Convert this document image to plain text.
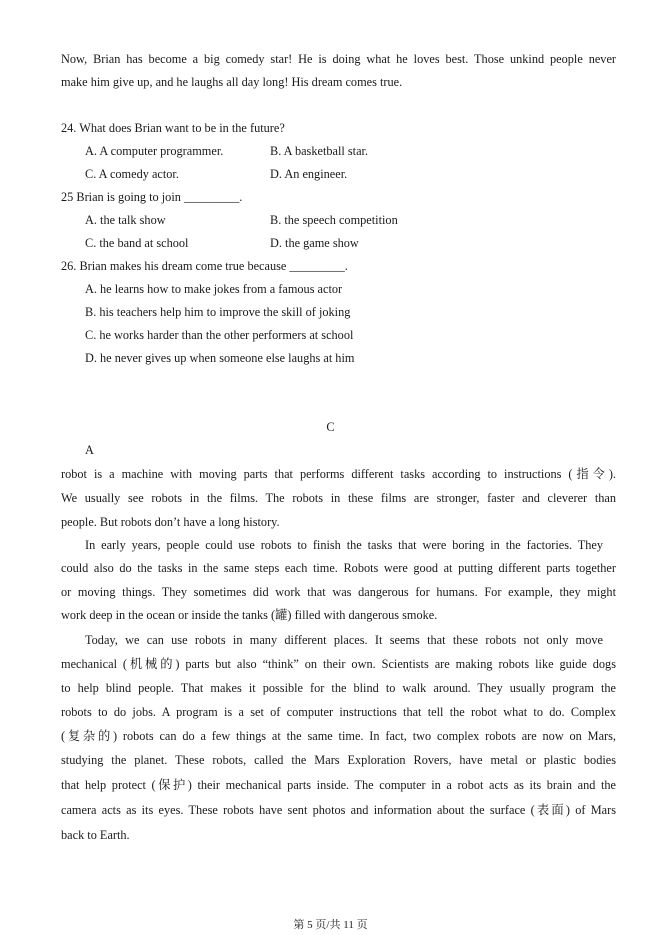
Now, Brian has become a big comedy star! He is doing what he loves best. Those unkind people never
make him give up, and he laughs all day long! His dream comes true.
24. What does Brian want to be in the future?
A. A computer programmer.	B. A basketball star.
C. A comedy actor.	D. An engineer.
25 Brian is going to join _________.
A. the talk show	B. the speech competition
C. the band at school	D. the game show
26. Brian makes his dream come true because _________.
A. he learns how to make jokes from a famous actor
B. his teachers help him to improve the skill of joking
C. he works harder than the other performers at school
D. he never gives up when someone else laughs at him
C
A
robot is a machine with moving parts that performs different tasks according to instructions (指令).
We usually see robots in the films. The robots in these films are stronger, faster and cleverer than
people. But robots don’t have a long history.
In early years, people could use robots to finish the tasks that were boring in the factories. They
could also do the tasks in the same steps each time. Robots were good at putting different parts together
or moving things. They sometimes did work that was dangerous for humans. For example, they might
work deep in the ocean or inside the tanks (罐) filled with dangerous smoke.
Today, we can use robots in many different places. It seems that these robots not only move
mechanical (机械的) parts but also “think” on their own. Scientists are making robots like guide dogs
to help blind people. That makes it possible for the blind to walk around. They usually program the
robots to do jobs. A program is a set of computer instructions that tell the robot what to do. Complex
(复杂的) robots can do a few things at the same time. In fact, two complex robots are now on Mars,
studying the planet. These robots, called the Mars Exploration Rovers, have metal or plastic bodies
that help protect (保护) their mechanical parts inside. The computer in a robot acts as its brain and the
camera acts as its eyes. These robots have sent photos and information about the surface (表面) of Mars
back to Earth.
第 5 页/共 11 页
